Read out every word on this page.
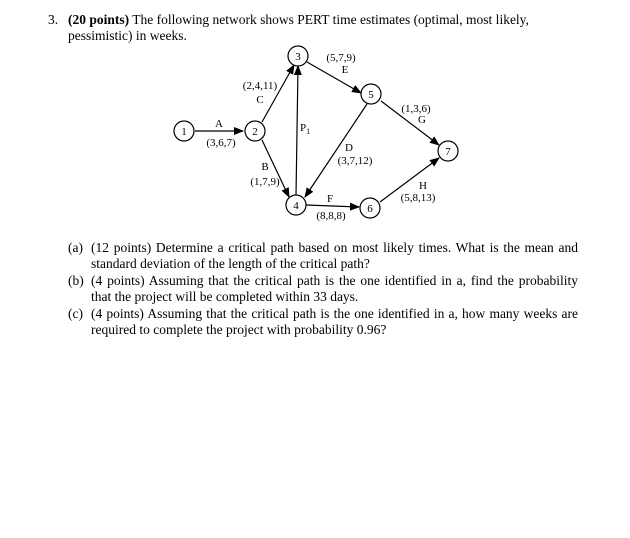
3. (20 points) The following network shows PERT time estimates (optimal, most likely, pessimistic) in weeks.
1	2
3
4
5
6
7
A
(3,6,7)
(2,4,11)
C
B
(1,7,9)
$P_1$
(5,7,9)
E
D
(3,7,12)
F
(8,8,8)
(1,3,6)
G
H
(5,8,13)
(a) (12 points) Determine a critical path based on most likely times. What is the mean and standard deviation of the length of the critical path?
(b) (4 points) Assuming that the critical path is the one identified in a, find the probability that the project will be completed within 33 days.
(c) (4 points) Assuming that the critical path is the one identified in a, how many weeks are required to complete the project with probability 0.96?
